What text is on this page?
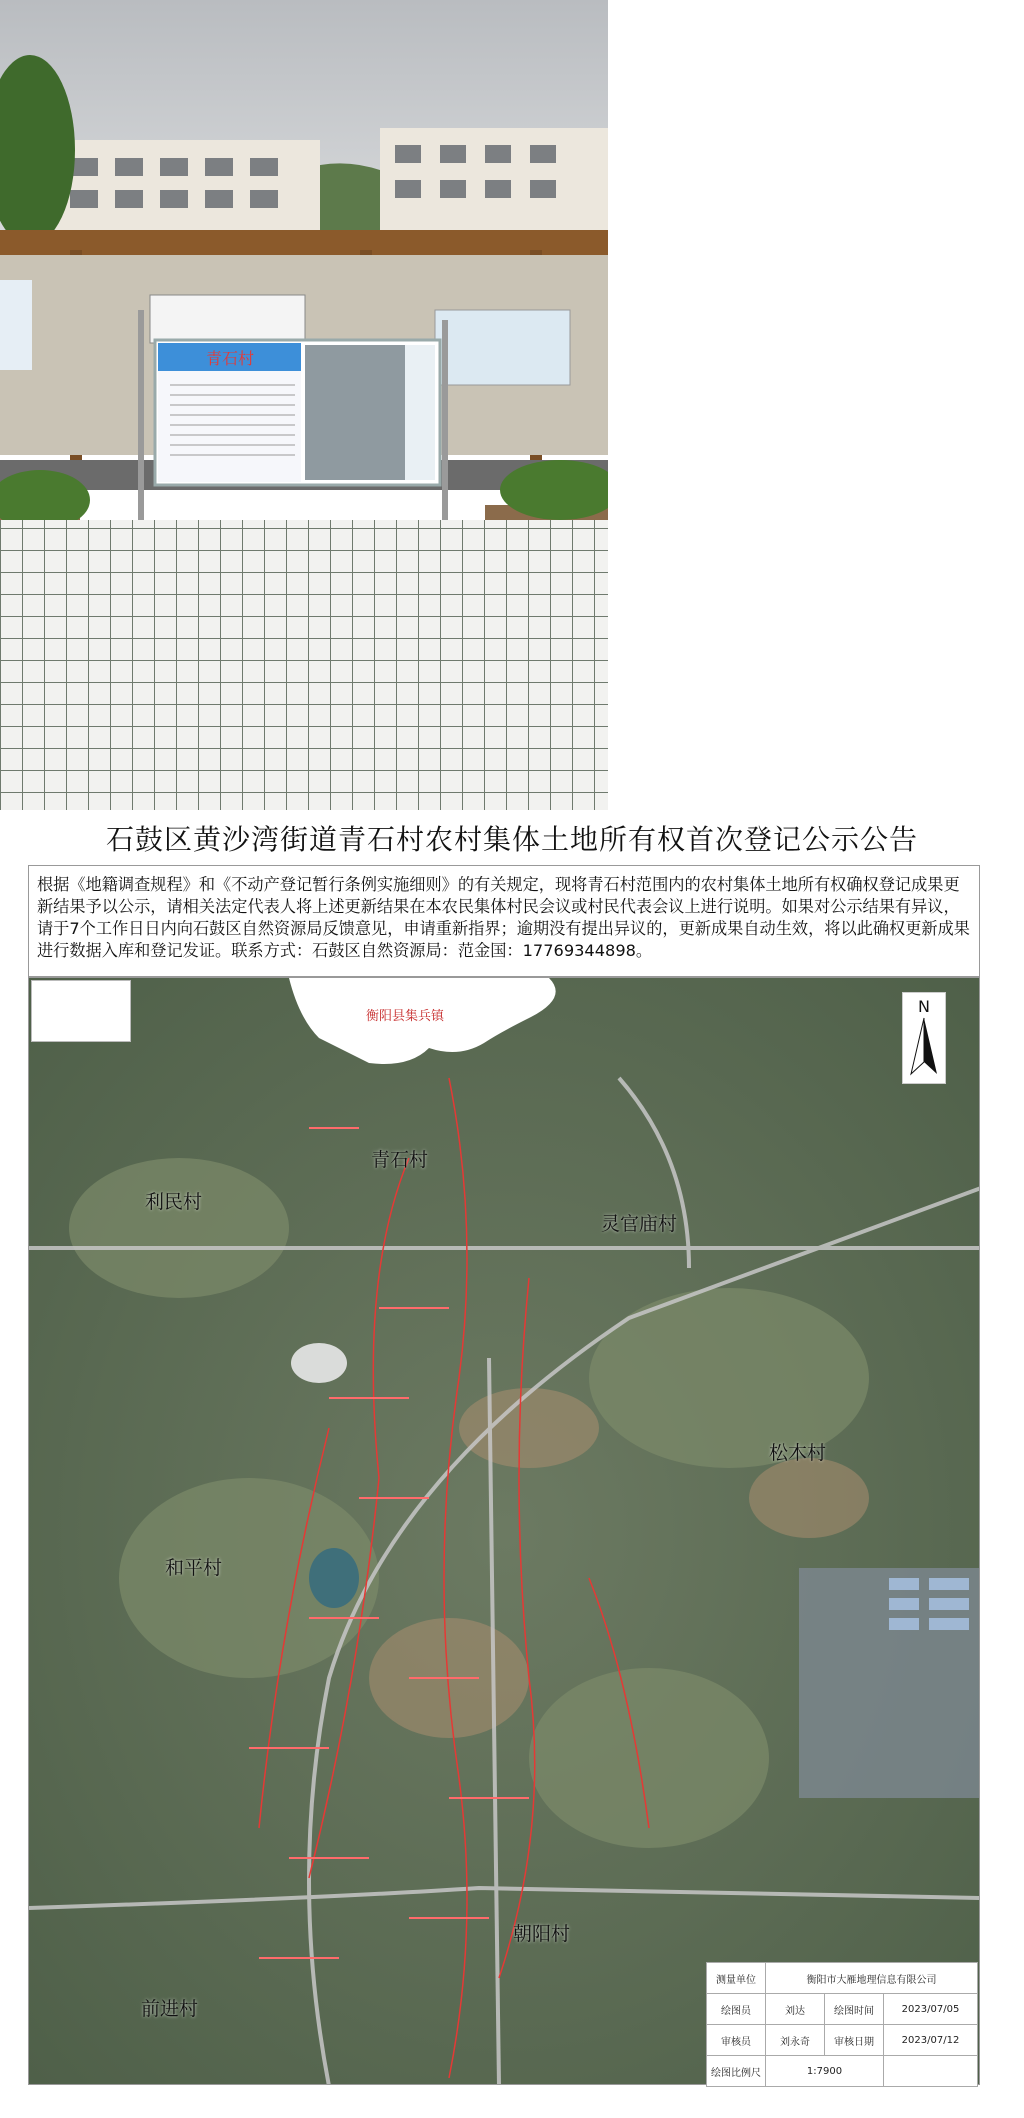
青石村
石鼓区黄沙湾街道青石村农村集体土地所有权首次登记公示公告
根据《地籍调查规程》和《不动产登记暂行条例实施细则》的有关规定，现将青石村范围内的农村集体土地所有权确权登记成果更新结果予以公示，请相关法定代表人将上述更新结果在本农民集体村民会议或村民代表会议上进行说明。如果对公示结果有异议，请于7个工作日日内向石鼓区自然资源局反馈意见，申请重新指界；逾期没有提出异议的，更新成果自动生效，将以此确权更新成果进行数据入库和登记发证。联系方式：石鼓区自然资源局：范金国：17769344898。
衡阳县集兵镇
利民村
青石村
灵官庙村
松木村
和平村
朝阳村
前进村
N
测量单位	衡阳市大雁地理信息有限公司		
绘图员	刘达	绘图时间	2023/07/05
审核员	刘永奇	审核日期	2023/07/12
绘图比例尺	1:7900		
